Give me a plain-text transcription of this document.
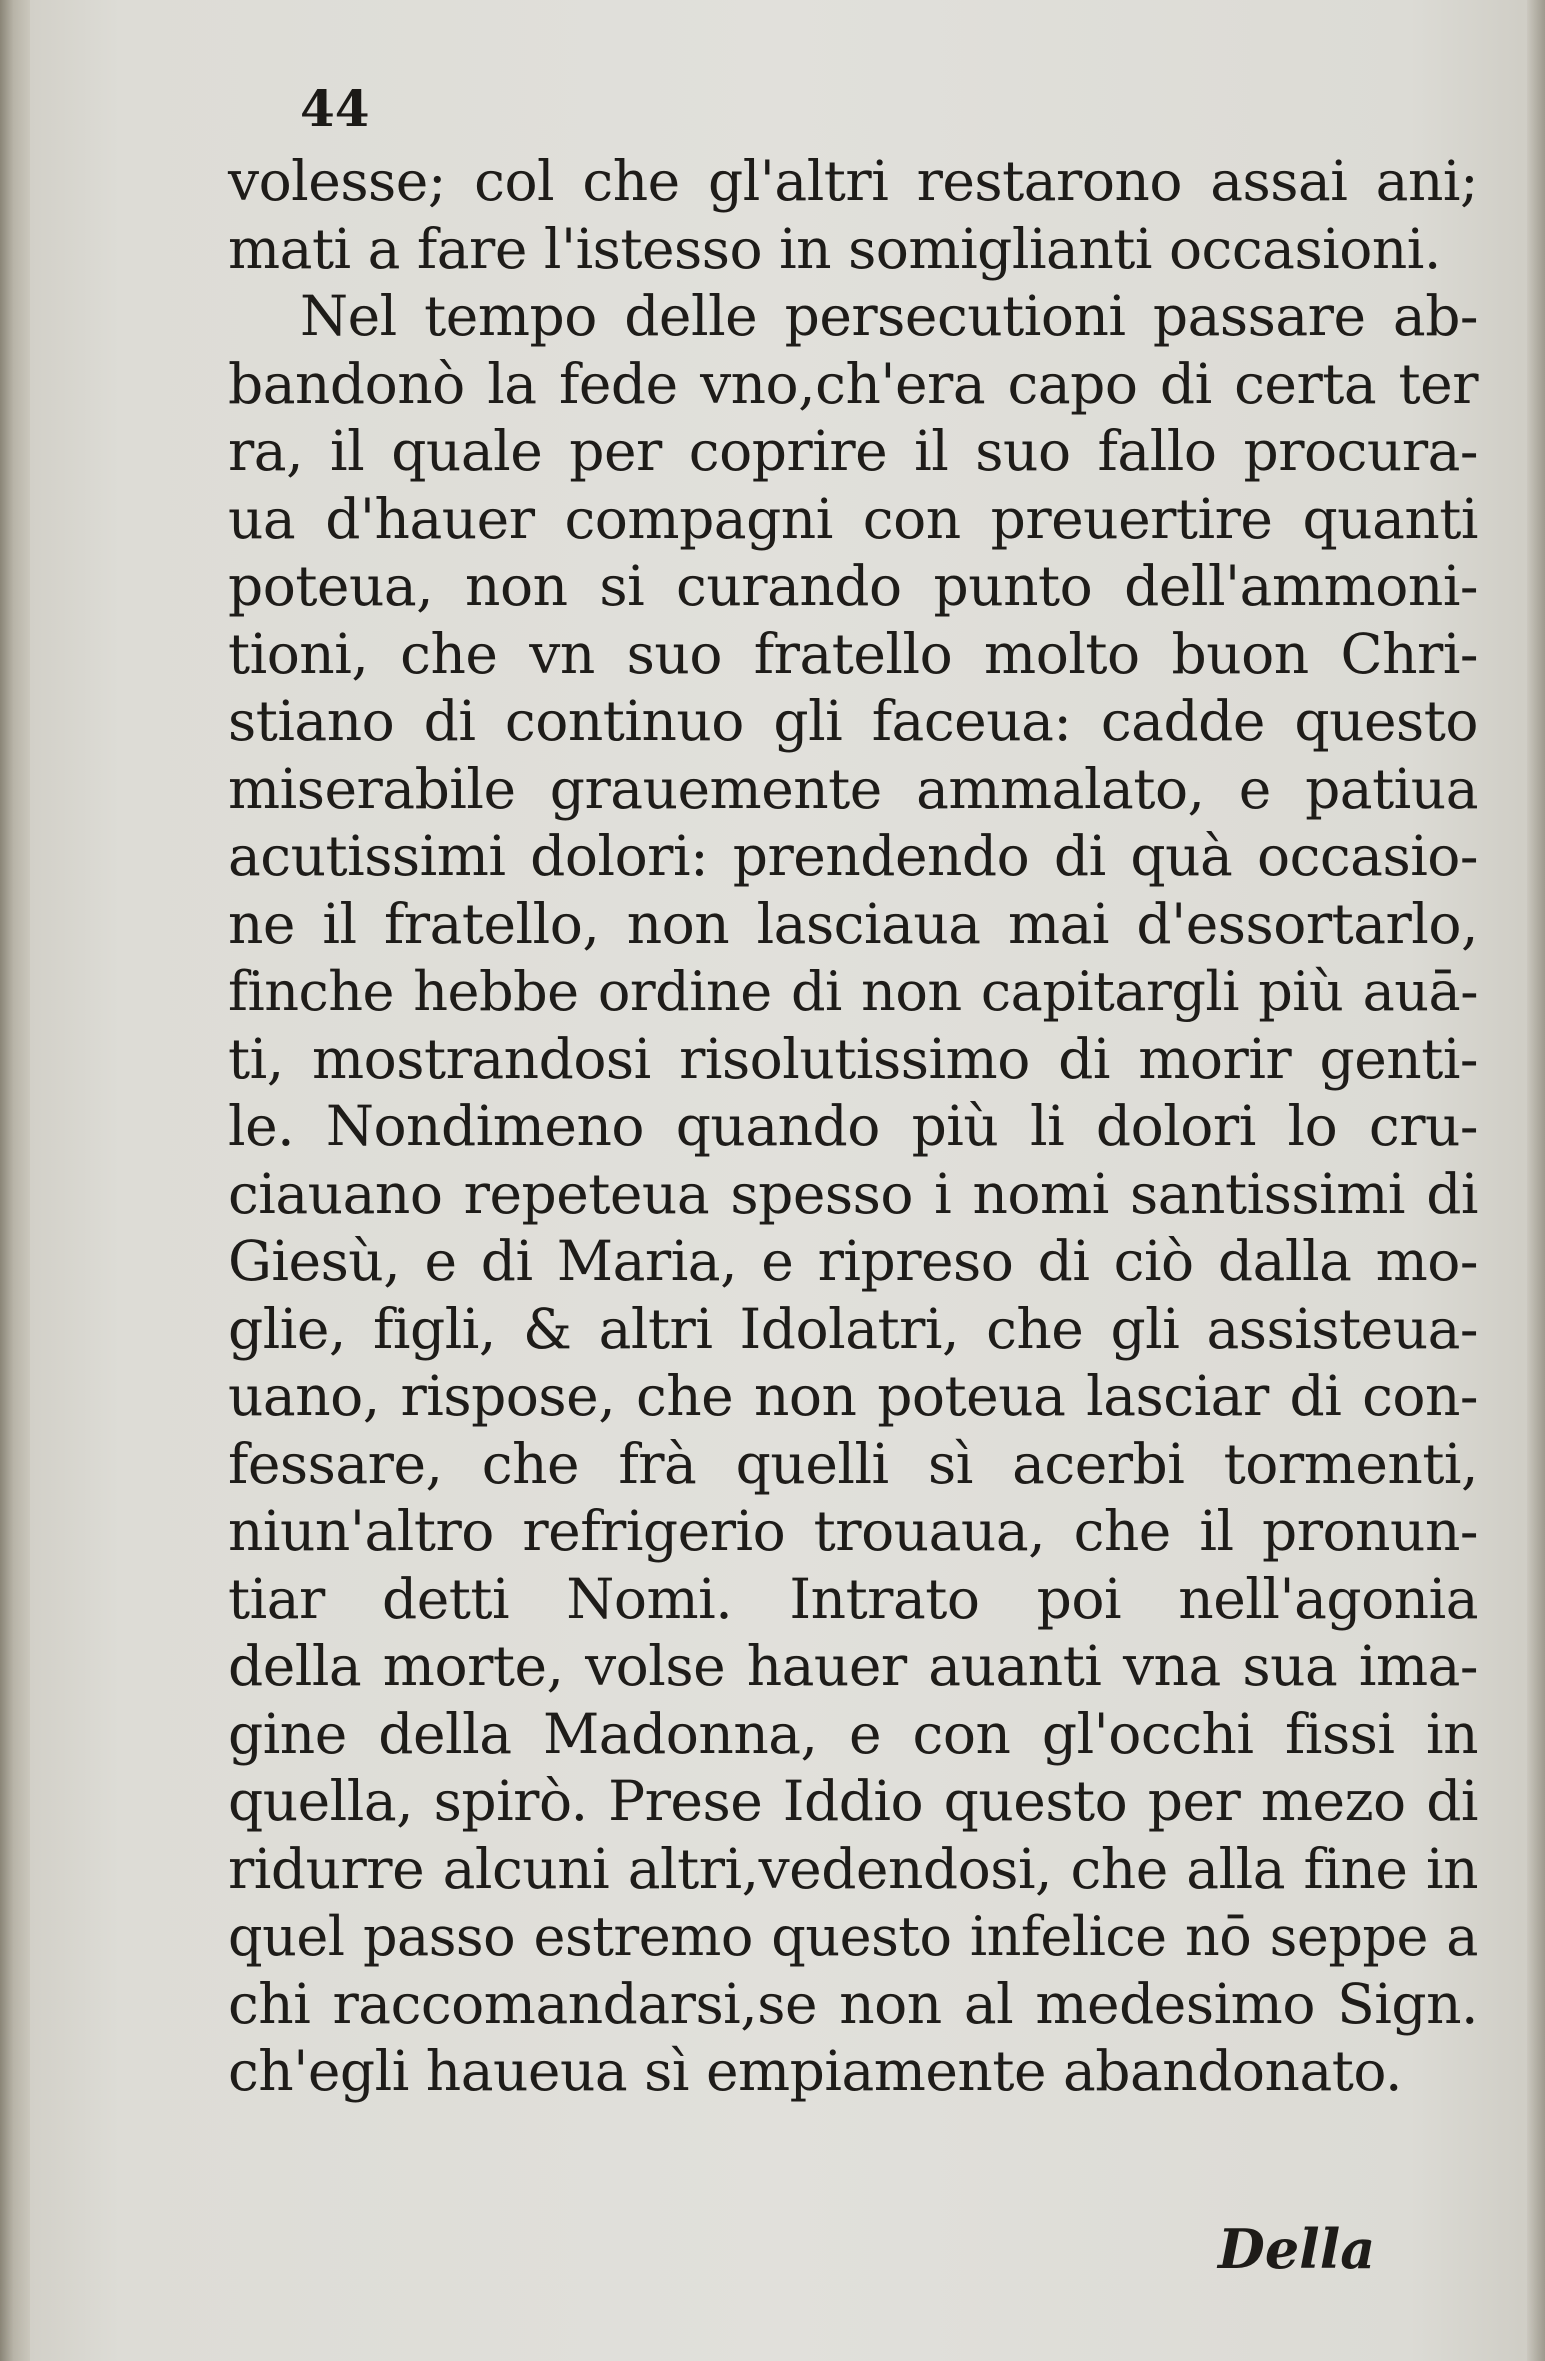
44
volesse; col che gl'altri restarono assai ani;
mati a fare l'istesso in somiglianti occasioni.
Nel tempo delle persecutioni passare ab-
bandonò la fede vno,ch'era capo di certa ter
ra, il quale per coprire il suo fallo procura-
ua d'hauer compagni con preuertire quanti
poteua, non si curando punto dell'ammoni-
tioni, che vn suo fratello molto buon Chri-
stiano di continuo gli faceua: cadde questo
miserabile grauemente ammalato, e patiua
acutissimi dolori: prendendo di quà occasio-
ne il fratello, non lasciaua mai d'essortarlo,
finche hebbe ordine di non capitargli più auā-
ti, mostrandosi risolutissimo di morir genti-
le. Nondimeno quando più li dolori lo cru-
ciauano repeteua spesso i nomi santissimi di
Giesù, e di Maria, e ripreso di ciò dalla mo-
glie, figli, & altri Idolatri, che gli assisteua-
uano, rispose, che non poteua lasciar di con-
fessare, che frà quelli sì acerbi tormenti,
niun'altro refrigerio trouaua, che il pronun-
tiar detti Nomi. Intrato poi nell'agonia
della morte, volse hauer auanti vna sua ima-
gine della Madonna, e con gl'occhi fissi in
quella, spirò. Prese Iddio questo per mezo di
ridurre alcuni altri,vedendosi, che alla fine in
quel passo estremo questo infelice nō seppe a
chi raccomandarsi,se non al medesimo Sign.
ch'egli haueua sì empiamente abandonato.
Della
